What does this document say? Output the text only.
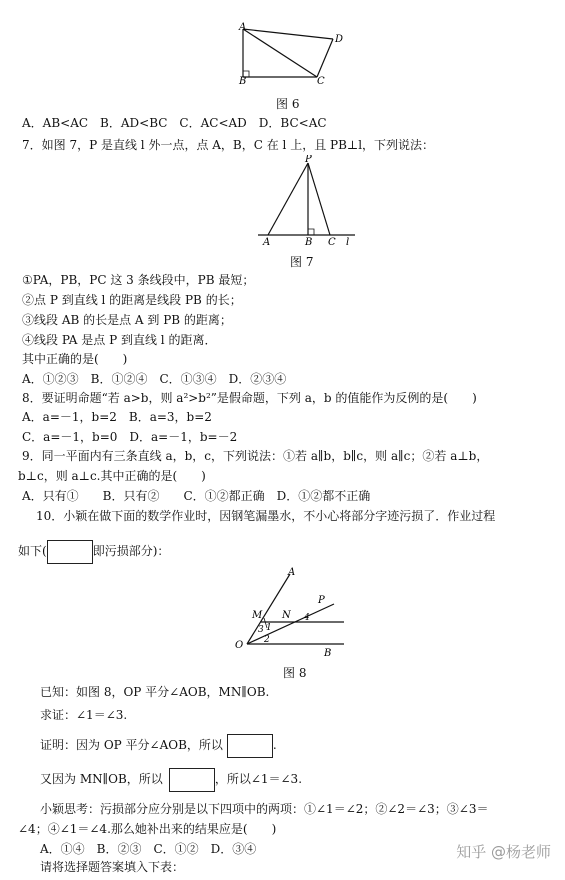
A
D
B	C
图 6
A．AB<AC　B．AD<BC　C．AC<AD　D．BC<AC
7．如图 7，P 是直线 l 外一点，点 A，B，C 在 l 上，且 PB⊥l，下列说法：
P
A	B C l
图 7
①PA，PB，PC 这 3 条线段中，PB 最短；
②点 P 到直线 l 的距离是线段 PB 的长；
③线段 AB 的长是点 A 到 PB 的距离；
④线段 PA 是点 P 到直线 l 的距离．
其中正确的是(　　)
A．①②③　B．①②④　C．①③④　D．②③④
8．要证明命题“若 a>b，则 a²>b²”是假命题，下列 a，b 的值能作为反例的是(　　)
A．a=－1，b=2　B．a=3，b=2
C．a=－1，b=0　D．a=－1，b=－2
9．同一平面内有三条直线 a，b，c，下列说法：①若 a∥b，b∥c，则 a∥c；②若 a⊥b，
b⊥c，则 a⊥c.其中正确的是(　　)
A．只有①　　B．只有②　　C．①②都正确　D．①②都不正确
10．小颖在做下面的数学作业时，因钢笔漏墨水，不小心将部分字迹污损了．作业过程
如下(	即污损部分)：
A
P
M N 4
1
3
2
O
B
图 8
已知：如图 8，OP 平分∠AOB，MN∥OB.
求证：∠1＝∠3.
证明：因为 OP 平分∠AOB，所以	.
又因为 MN∥OB，所以	，所以∠1＝∠3.
小颖思考：污损部分应分别是以下四项中的两项：①∠1＝∠2；②∠2＝∠3；③∠3＝
∠4；④∠1＝∠4.那么她补出来的结果应是(　　)
A．①④　B．②③　C．①②　D．③④
请将选择题答案填入下表：
知乎 @杨老师
